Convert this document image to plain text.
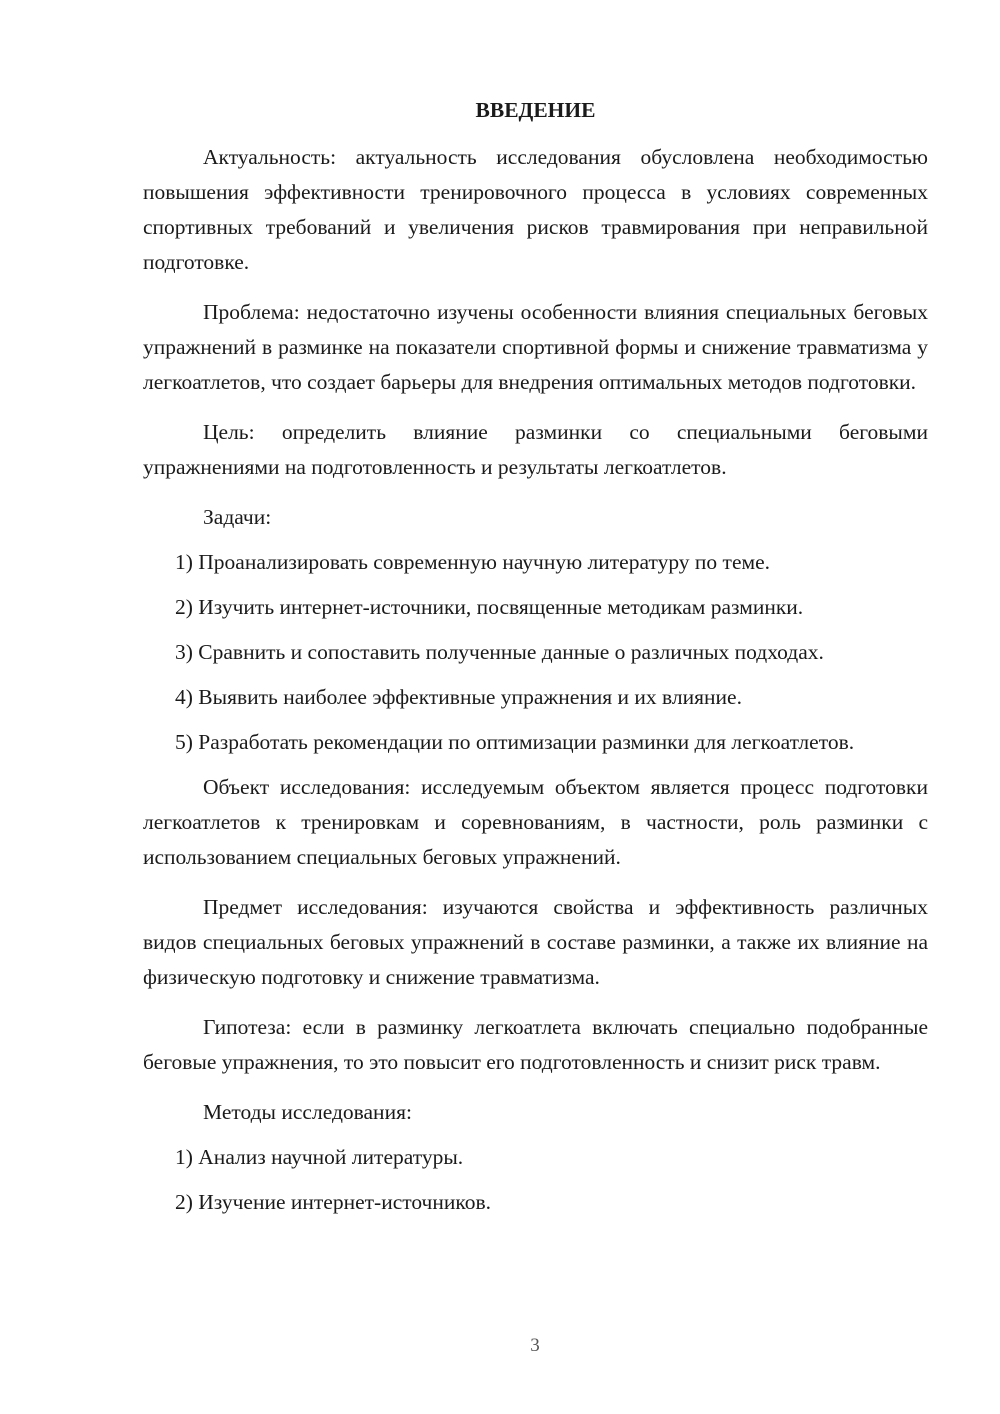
ВВЕДЕНИЕ

Актуальность: актуальность исследования обусловлена необходимостью повышения эффективности тренировочного процесса в условиях современных спортивных требований и увеличения рисков травмирования при неправильной подготовке.

Проблема: недостаточно изучены особенности влияния специальных беговых упражнений в разминке на показатели спортивной формы и снижение травматизма у легкоатлетов, что создает барьеры для внедрения оптимальных методов подготовки.

Цель: определить влияние разминки со специальными беговыми упражнениями на подготовленность и результаты легкоатлетов.

Задачи:

1) Проанализировать современную научную литературу по теме.

2) Изучить интернет-источники, посвященные методикам разминки.

3) Сравнить и сопоставить полученные данные о различных подходах.

4) Выявить наиболее эффективные упражнения и их влияние.

5) Разработать рекомендации по оптимизации разминки для легкоатлетов.

Объект исследования: исследуемым объектом является процесс подготовки легкоатлетов к тренировкам и соревнованиям, в частности, роль разминки с использованием специальных беговых упражнений.

Предмет исследования: изучаются свойства и эффективность различных видов специальных беговых упражнений в составе разминки, а также их влияние на физическую подготовку и снижение травматизма.

Гипотеза: если в разминку легкоатлета включать специально подобранные беговые упражнения, то это повысит его подготовленность и снизит риск травм.

Методы исследования:

1) Анализ научной литературы.

2) Изучение интернет-источников.

3
